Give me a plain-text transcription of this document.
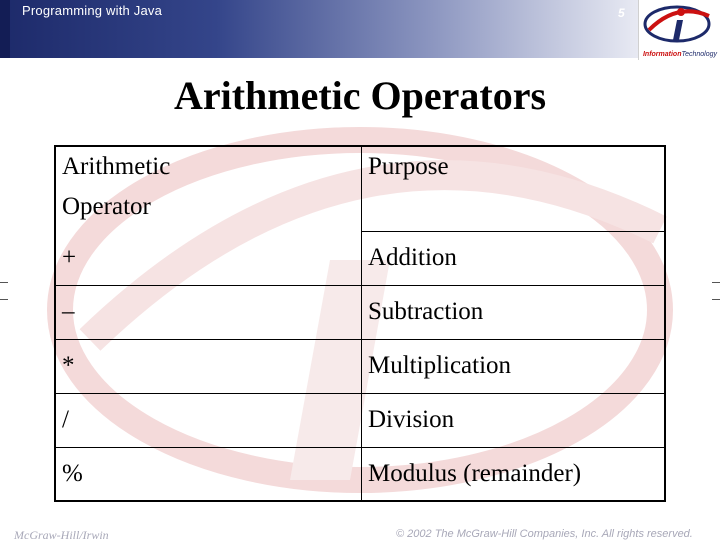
Programming with Java	5
InformationTechnology
Arithmetic Operators
Arithmetic
Operator	Purpose
+	Addition
–	Subtraction
*	Multiplication
/	Division
%	Modulus (remainder)
McGraw-Hill/Irwin	© 2002 The McGraw-Hill Companies, Inc. All rights reserved.
